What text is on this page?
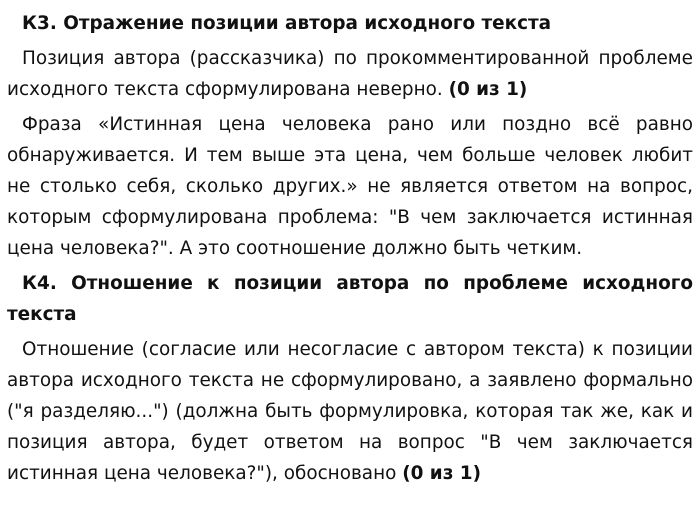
К3. Отражение позиции автора исходного текста

Позиция автора (рассказчика) по прокомментированной проблеме исходного текста сформулирована неверно. (0 из 1)

Фраза «Истинная цена человека рано или поздно всё равно обнаруживается. И тем выше эта цена, чем больше человек любит не столько себя, сколько других.» не является ответом на вопрос, которым сформулирована проблема: "В чем заключается истинная цена человека?". А это соотношение должно быть четким.

К4. Отношение к позиции автора по проблеме исходного текста

Отношение (согласие или несогласие с автором текста) к позиции автора исходного текста не сформулировано, а заявлено формально ("я разделяю...") (должна быть формулировка, которая так же, как и позиция автора, будет ответом на вопрос "В чем заключается истинная цена человека?"), обосновано (0 из 1)
